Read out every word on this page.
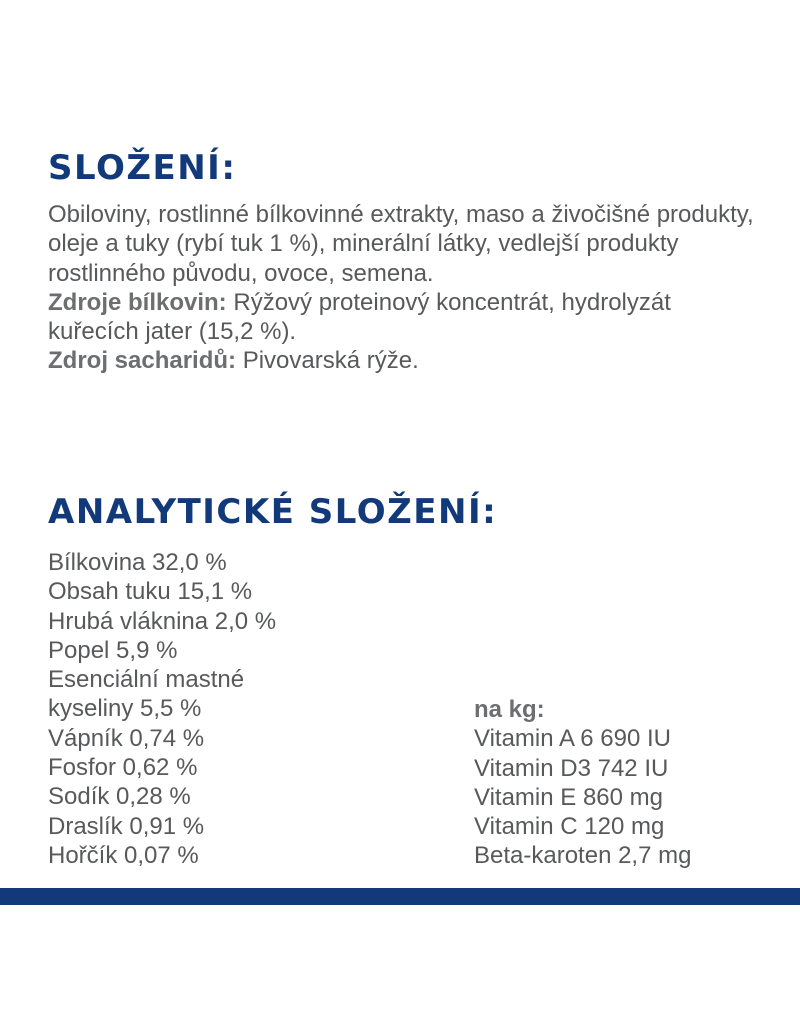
SLOŽENÍ:

Obiloviny, rostlinné bílkovinné extrakty, maso a živočišné produkty, oleje a tuky (rybí tuk 1 %), minerální látky, vedlejší produkty rostlinného původu, ovoce, semena.
Zdroje bílkovin: Rýžový proteinový koncentrát, hydrolyzát kuřecích jater (15,2 %).
Zdroj sacharidů: Pivovarská rýže.

ANALYTICKÉ SLOŽENÍ:
Bílkovina 32,0 %
Obsah tuku 15,1 %
Hrubá vláknina 2,0 %
Popel 5,9 %
Esenciální mastné
kyseliny 5,5 %
Vápník 0,74 %
Fosfor 0,62 %
Sodík 0,28 %
Draslík 0,91 %
Hořčík 0,07 %
na kg:
Vitamin A 6 690 IU
Vitamin D3 742 IU
Vitamin E 860 mg
Vitamin C 120 mg
Beta-karoten 2,7 mg
